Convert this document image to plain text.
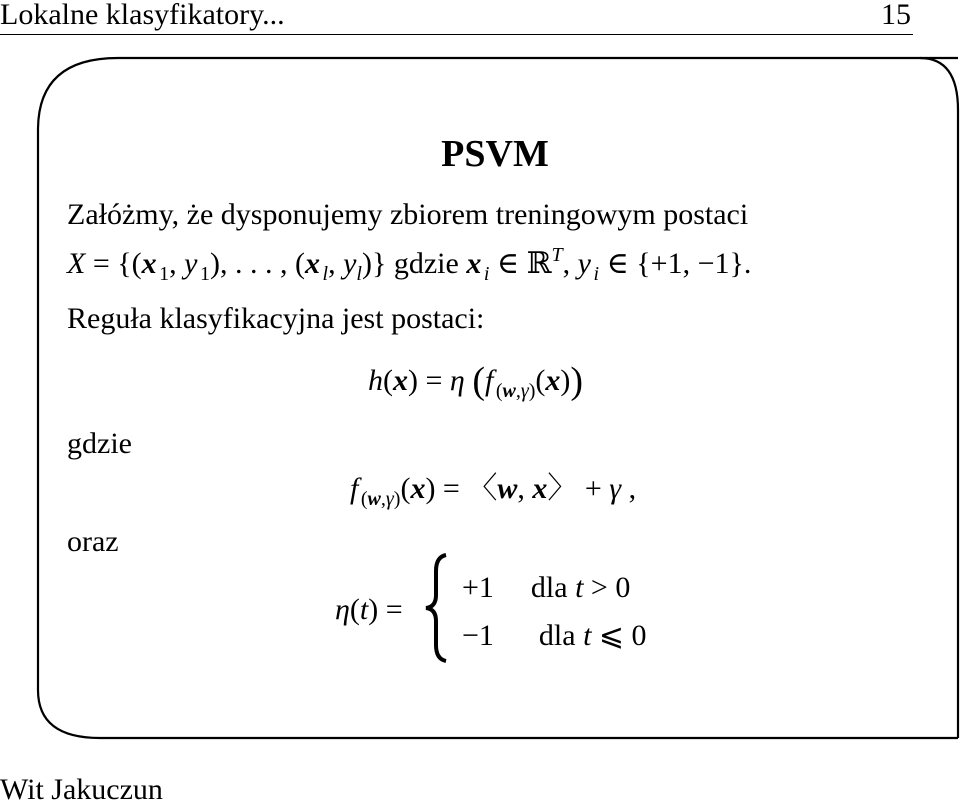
Lokalne klasyfikatory...	15
PSVM
Załóżmy, że dysponujemy zbiorem treningowym postaci
X = {(x  $_1$, y  $_1$), . . . , (x  $_l$, $y_l$)} gdzie x  $_i$ ∈ ℝ$^T$, y  $_i$ ∈ {+1, −1}.
Reguła klasyfikacyjna jest postaci:
h(x) = η (f  $_{(w,\gamma)}$(x))
gdzie
f  $_{(w,\gamma)}$(x) = 〈w, x〉 + γ ,
oraz
η(t) =
+1 dla t > 0
−1 dla t ⩽ 0
Wit Jakuczun
